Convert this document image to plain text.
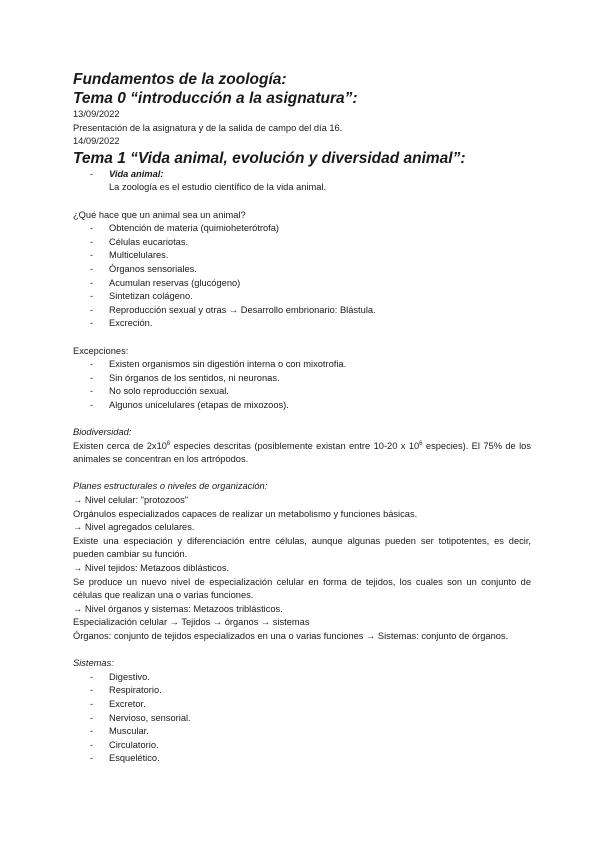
Fundamentos de la zoología:

Tema 0 “introducción a la asignatura”:

13/09/2022

Presentación de la asignatura y de la salida de campo del día 16.

14/09/2022

Tema 1 “Vida animal, evolución y diversidad animal”:

- Vida animal:

La zoología es el estudio científico de la vida animal.

¿Qué hace que un animal sea un animal?

- Obtención de materia (quimioheterótrofa)
- Células eucariotas.
- Multicelulares.
- Órganos sensoriales.
- Acumulan reservas (glucógeno)
- Sintetizan colágeno.
- Reproducción sexual y otras → Desarrollo embrionario: Blástula.
- Excreción.

Excepciones:

- Existen organismos sin digestión interna o con mixotrofia.
- Sin órganos de los sentidos, ni neuronas.
- No solo reproducción sexual.
- Algunos unicelulares (etapas de mixozoos).

Biodiversidad:

Existen cerca de $2x10^6$ especies descritas (posiblemente existan entre 10-20 x $10^6$ especies). El 75% de los animales se concentran en los artrópodos.

Planes estructurales o niveles de organización:

→ Nivel celular: "protozoos"

Orgánulos especializados capaces de realizar un metabolismo y funciones básicas.

→ Nivel agregados celulares.

Existe una especiación y diferenciación entre células, aunque algunas pueden ser totipotentes, es decir, pueden cambiar su función.

→ Nivel tejidos: Metazoos diblásticos.

Se produce un nuevo nivel de especialización celular en forma de tejidos, los cuales son un conjunto de células que realizan una o varias funciones.

→ Nivel órganos y sistemas: Metazoos triblásticos.

Especialización celular → Tejidos → órganos → sistemas

Órganos: conjunto de tejidos especializados en una o varias funciones → Sistemas: conjunto de órganos.

Sistemas:

- Digestivo.
- Respiratorio.
- Excretor.
- Nervioso, sensorial.
- Muscular.
- Circulatorio.
- Esquelético.
